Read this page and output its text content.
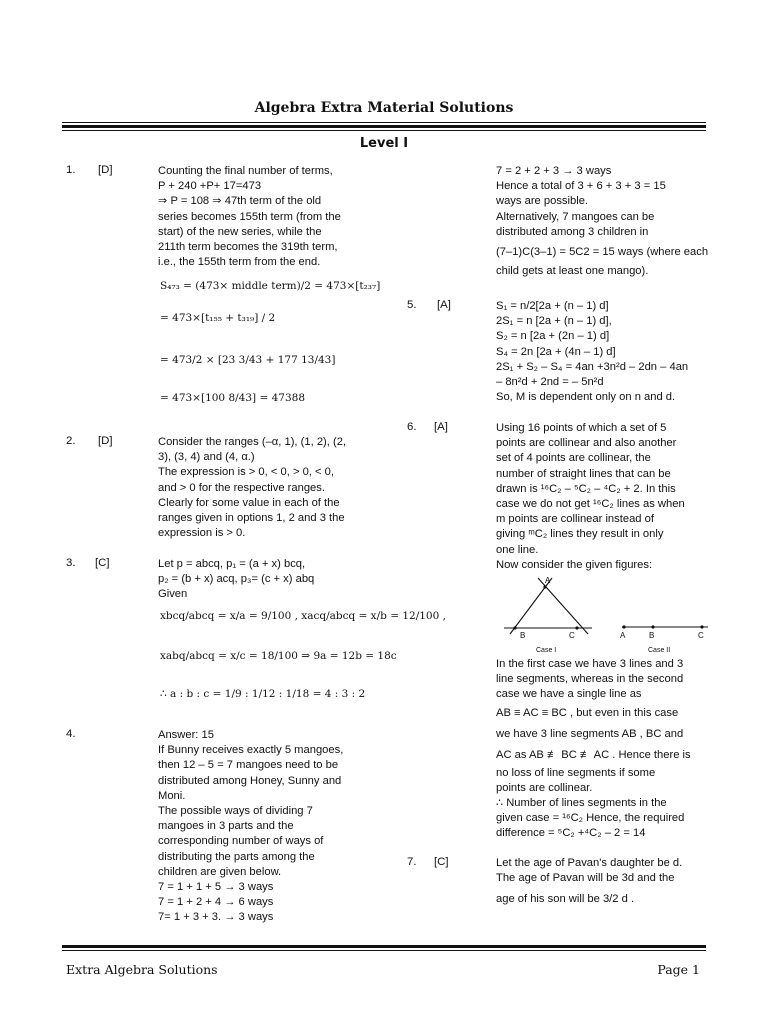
Algebra Extra Material Solutions
Level I
1. [D]	Counting the final number of terms,
P + 240 +P+ 17=473
⇒ P = 108 ⇒ 47th term of the old
series becomes 155th term (from the
start) of the new series, while the
211th term becomes the 319th term,
i.e., the 155th term from the end.
S₄₇₃ = (473× middle term)/2 = 473×[t₂₃₇]
= 473×[t₁₅₅ + t₃₁₉] / 2
= 473/2 × [23 3/43 + 177 13/43]
= 473×[100 8/43] = 47388
2. [D]	Consider the ranges (–α, 1), (1, 2), (2,
3), (3, 4) and (4, α.)
The expression is > 0, < 0, > 0, < 0,
and > 0 for the respective ranges.
Clearly for some value in each of the
ranges given in options 1, 2 and 3 the
expression is > 0.
3. [C]	Let p = abcq, p₁ = (a + x) bcq,
p₂ = (b + x) acq, p₃= (c + x) abq
Given
xbcq/abcq = x/a = 9/100 , xacq/abcq = x/b = 12/100 ,
xabq/abcq = x/c = 18/100 ⇒ 9a = 12b = 18c
∴ a : b : c = 1/9 : 1/12 : 1/18 = 4 : 3 : 2
4.	Answer: 15
If Bunny receives exactly 5 mangoes,
then 12 – 5 = 7 mangoes need to be
distributed among Honey, Sunny and
Moni.
The possible ways of dividing 7
mangoes in 3 parts and the
corresponding number of ways of
distributing the parts among the
children are given below.
7 = 1 + 1 + 5 → 3 ways
7 = 1 + 2 + 4 → 6 ways
7= 1 + 3 + 3. → 3 ways
7 = 2 + 2 + 3 → 3 ways
Hence a total of 3 + 6 + 3 + 3 = 15
ways are possible.
Alternatively, 7 mangoes can be
distributed among 3 children in
(7–1)C(3–1) = 5C2 = 15 ways (where each
child gets at least one mango).
5. [A]	S₁ = n/2[2a + (n – 1) d]
2S₁ = n [2a + (n – 1) d],
S₂ = n [2a + (2n – 1) d]
S₄ = 2n [2a + (4n – 1) d]
2S₁ + S₂ – S₄ = 4an +3n²d – 2dn – 4an
– 8n²d + 2nd = – 5n²d
So, M is dependent only on n and d.
6. [A]	Using 16 points of which a set of 5
points are collinear and also another
set of 4 points are collinear, the
number of straight lines that can be
drawn is ¹⁶C₂ – ⁵C₂ – ⁴C₂ + 2. In this
case we do not get ¹⁶C₂ lines as when
m points are collinear instead of
giving ᵐC₂ lines they result in only
one line.
Now consider the given figures:
A
B	C	A	B	C
Case I	Case II
In the first case we have 3 lines and 3
line segments, whereas in the second
case we have a single line as
AB ≡ AC ≡ BC , but even in this case
we have 3 line segments AB , BC and
AC as AB ≢ BC ≢ AC . Hence there is
no loss of line segments if some
points are collinear.
∴ Number of lines segments in the
given case = ¹⁶C₂ Hence, the required
difference = ⁵C₂ +⁴C₂ – 2 = 14
7. [C]	Let the age of Pavan's daughter be d.
The age of Pavan will be 3d and the
age of his son will be 3/2 d .
Extra Algebra Solutions	Page 1
